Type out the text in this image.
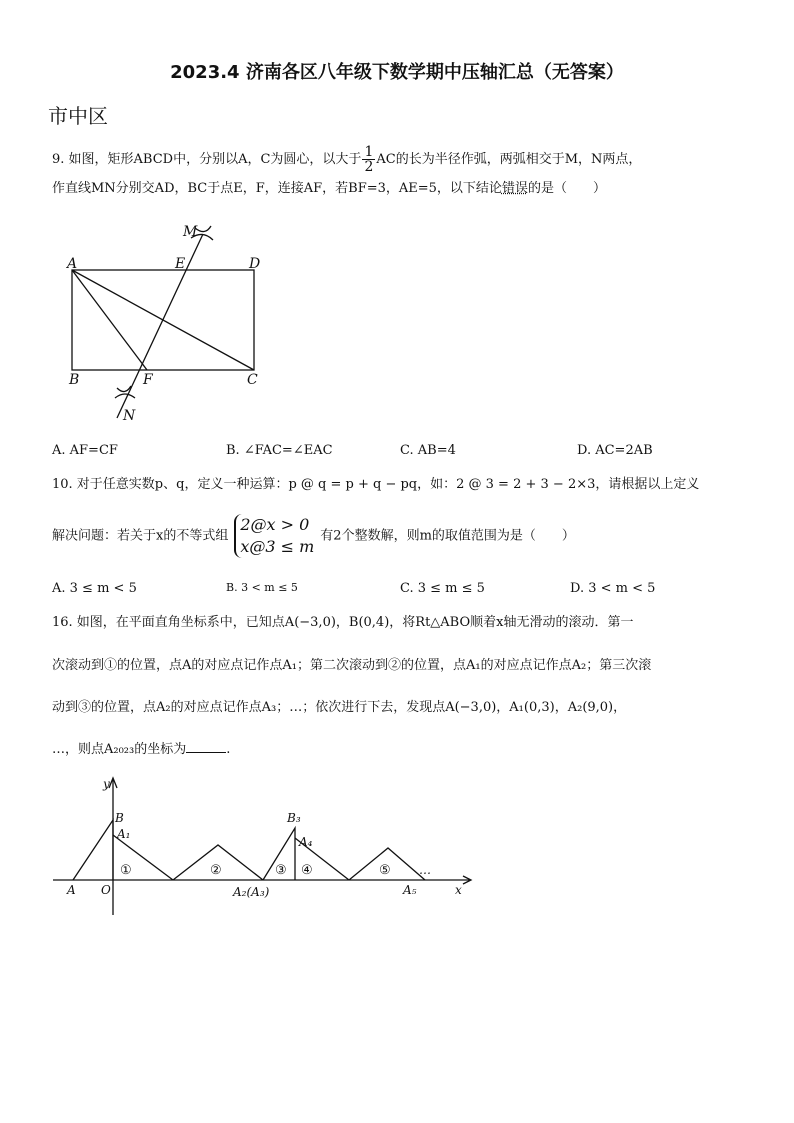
2023.4 济南各区八年级下数学期中压轴汇总（无答案）
市中区
9. 如图，矩形ABCD中，分别以A，C为圆心，以大于 $\frac{1}{2}$ AC的长为半径作弧，两弧相交于M，N两点，
作直线MN分别交AD，BC于点E，F，连接AF，若BF=3，AE=5，以下结论错误的是（　　）
M
A	E	D
B	F	C
N
A. AF=CF	B. ∠FAC=∠EAC	C. AB=4	D. AC=2AB
10. 对于任意实数p、q，定义一种运算：p @ q = p + q − pq，如：2 @ 3 = 2 + 3 − 2×3，请根据以上定义
解决问题：若关于x的不等式组
2@x > 0
x@3 ≤ m
有2个整数解，则m的取值范围为是（　　）
A. 3 ≤ m < 5	B. 3 < m ≤ 5	C. 3 ≤ m ≤ 5	D. 3 < m < 5
16. 如图，在平面直角坐标系中，已知点A(−3,0)，B(0,4)，将Rt△ABO顺着x轴无滑动的滚动．第一
次滚动到①的位置，点A的对应点记作点A₁；第二次滚动到②的位置，点A₁的对应点记作点A₂；第三次滚
动到③的位置，点A₂的对应点记作点A₃；…；依次进行下去，发现点A(−3,0)，A₁(0,3)，A₂(9,0)，
…，则点A₂₀₂₃的坐标为	.
y
x
B
A₁
A O	A₂(A₃)
B₃
A₄
A₅
…
①	②	③ ④	⑤
